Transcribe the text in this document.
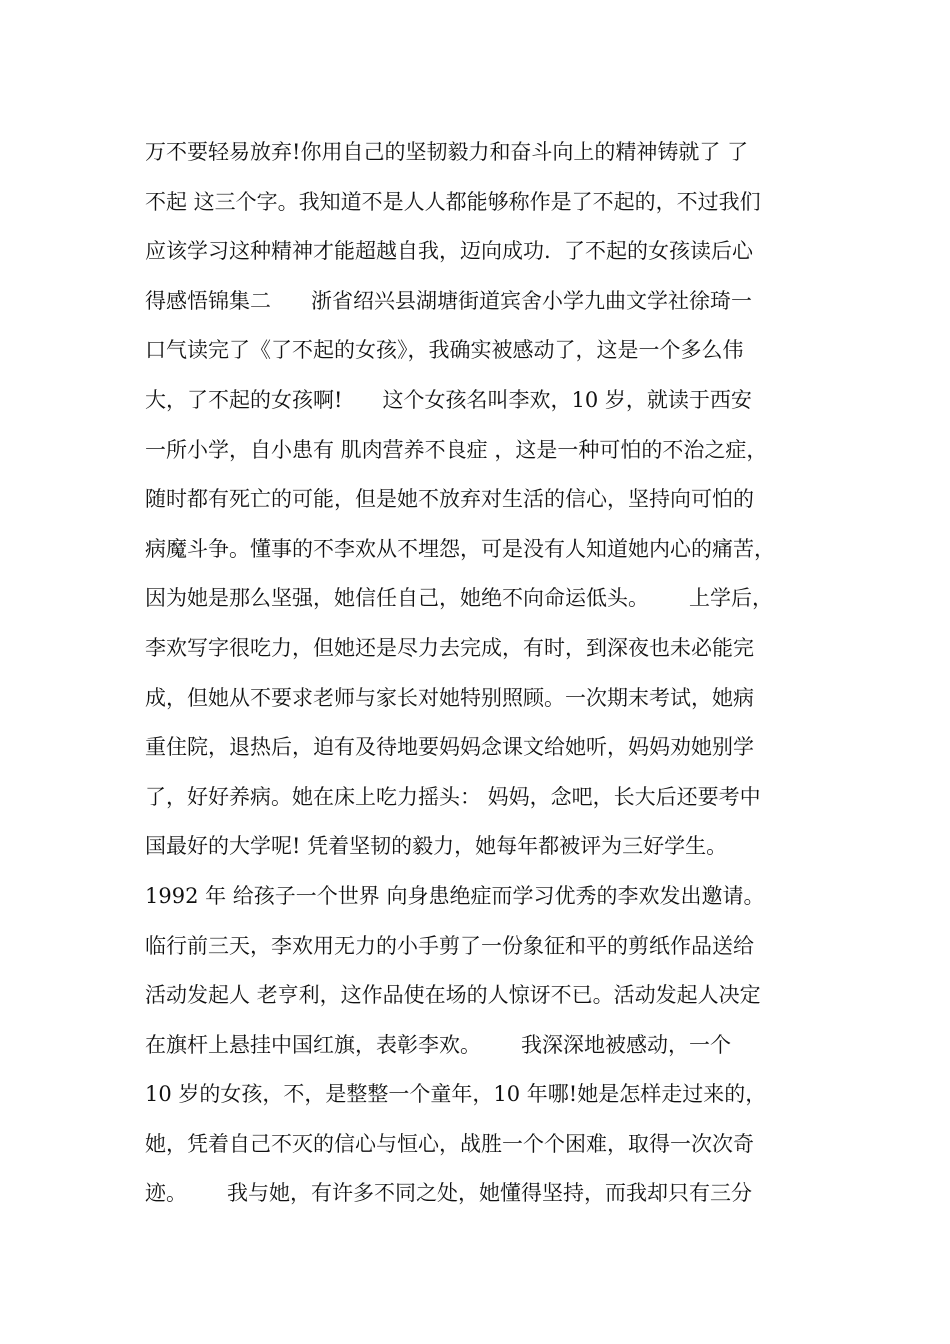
万不要轻易放弃!你用自己的坚韧毅力和奋斗向上的精神铸就了 了
不起 这三个字。我知道不是人人都能够称作是了不起的，不过我们
应该学习这种精神才能超越自我，迈向成功.  了不起的女孩读后心
得感悟锦集二      浙省绍兴县湖塘街道宾舍小学九曲文学社徐琦一
口气读完了《了不起的女孩》，我确实被感动了，这是一个多么伟
大，了不起的女孩啊!      这个女孩名叫李欢，10 岁，就读于西安
一所小学，自小患有 肌肉营养不良症 ，这是一种可怕的不治之症，
随时都有死亡的可能，但是她不放弃对生活的信心，坚持向可怕的
病魔斗争。懂事的不李欢从不埋怨，可是没有人知道她内心的痛苦，
因为她是那么坚强，她信任自己，她绝不向命运低头。      上学后，
李欢写字很吃力，但她还是尽力去完成，有时，到深夜也未必能完
成，但她从不要求老师与家长对她特别照顾。一次期末考试，她病
重住院，退热后，迫有及待地要妈妈念课文给她听，妈妈劝她别学
了，好好养病。她在床上吃力摇头： 妈妈，念吧，长大后还要考中
国最好的大学呢! 凭着坚韧的毅力，她每年都被评为三好学生。
1992 年 给孩子一个世界 向身患绝症而学习优秀的李欢发出邀请。
临行前三天，李欢用无力的小手剪了一份象征和平的剪纸作品送给
活动发起人 老亨利，这作品使在场的人惊讶不已。活动发起人决定
在旗杆上悬挂中国红旗，表彰李欢。      我深深地被感动，一个
10 岁的女孩，不，是整整一个童年，10 年哪!她是怎样走过来的，
她，凭着自己不灭的信心与恒心，战胜一个个困难，取得一次次奇
迹。      我与她，有许多不同之处，她懂得坚持，而我却只有三分
